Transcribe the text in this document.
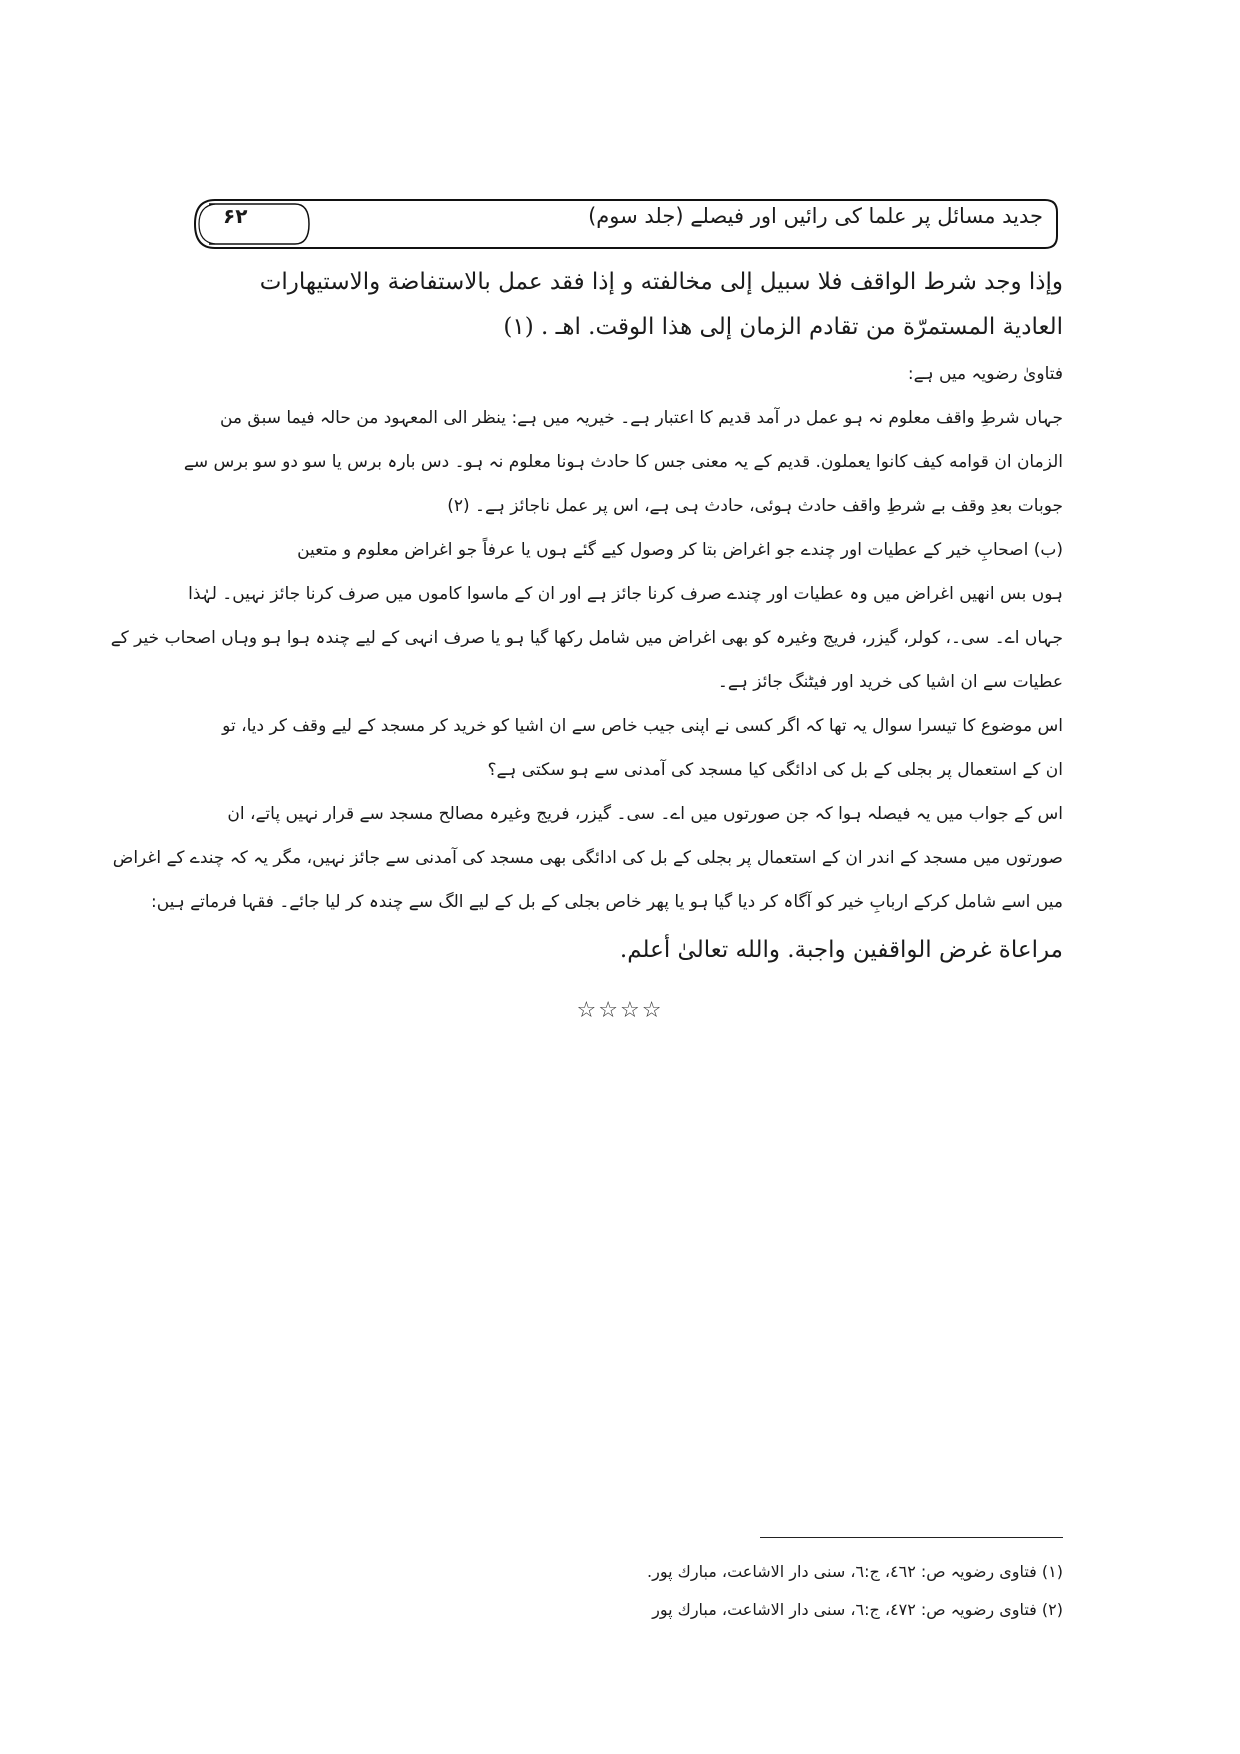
۶۲	جدید مسائل پر علما کی رائیں اور فیصلے (جلد سوم)
وإذا وجد شرط الواقف فلا سبيل إلى مخالفته و إذا فقد عمل بالاستفاضة والاستيهارات
العادية المستمرّة من تقادم الزمان إلى هذا الوقت. اهـ . (۱)
فتاویٰ رضویہ میں ہے:
جہاں شرطِ واقف معلوم نہ ہو عمل در آمد قدیم کا اعتبار ہے۔ خیریہ میں ہے: ینظر الی المعہود من حالہ فیما سبق من
الزمان ان قوامه کیف کانوا یعملون. قدیم کے یہ معنی جس کا حادث ہونا معلوم نہ ہو۔ دس بارہ برس یا سو دو سو برس سے
جوبات بعدِ وقف بے شرطِ واقف حادث ہوئی، حادث ہی ہے، اس پر عمل ناجائز ہے۔ (۲)
(ب) اصحابِ خیر کے عطیات اور چندے جو اغراض بتا کر وصول کیے گئے ہوں یا عرفاً جو اغراض معلوم و متعین
ہوں بس انھیں اغراض میں وہ عطیات اور چندے صرف کرنا جائز ہے اور ان کے ماسوا کاموں میں صرف کرنا جائز نہیں۔ لہٰذا
جہاں اے۔ سی۔، کولر، گیزر، فریج وغیرہ کو بھی اغراض میں شامل رکھا گیا ہو یا صرف انہی کے لیے چندہ ہوا ہو وہاں اصحاب خیر کے
عطیات سے ان اشیا کی خرید اور فیٹنگ جائز ہے۔
اس موضوع کا تیسرا سوال یہ تھا کہ اگر کسی نے اپنی جیب خاص سے ان اشیا کو خرید کر مسجد کے لیے وقف کر دیا، تو
ان کے استعمال پر بجلی کے بل کی ادائگی کیا مسجد کی آمدنی سے ہو سکتی ہے؟
اس کے جواب میں یہ فیصلہ ہوا کہ جن صورتوں میں اے۔ سی۔ گیزر، فریج وغیرہ مصالح مسجد سے قرار نہیں پاتے، ان
صورتوں میں مسجد کے اندر ان کے استعمال پر بجلی کے بل کی ادائگی بھی مسجد کی آمدنی سے جائز نہیں، مگر یہ کہ چندے کے اغراض
میں اسے شامل کرکے اربابِ خیر کو آگاہ کر دیا گیا ہو یا پھر خاص بجلی کے بل کے لیے الگ سے چندہ کر لیا جائے۔ فقہا فرماتے ہیں:
مراعاة غرض الواقفين واجبة. والله تعالیٰ أعلم.
☆☆☆☆
(۱) فتاوی رضویہ ص: ٤٦٢، ج:٦، سنی دار الاشاعت، مبارك پور.
(۲) فتاوی رضویہ ص: ٤٧٢، ج:٦، سنی دار الاشاعت، مبارك پور
